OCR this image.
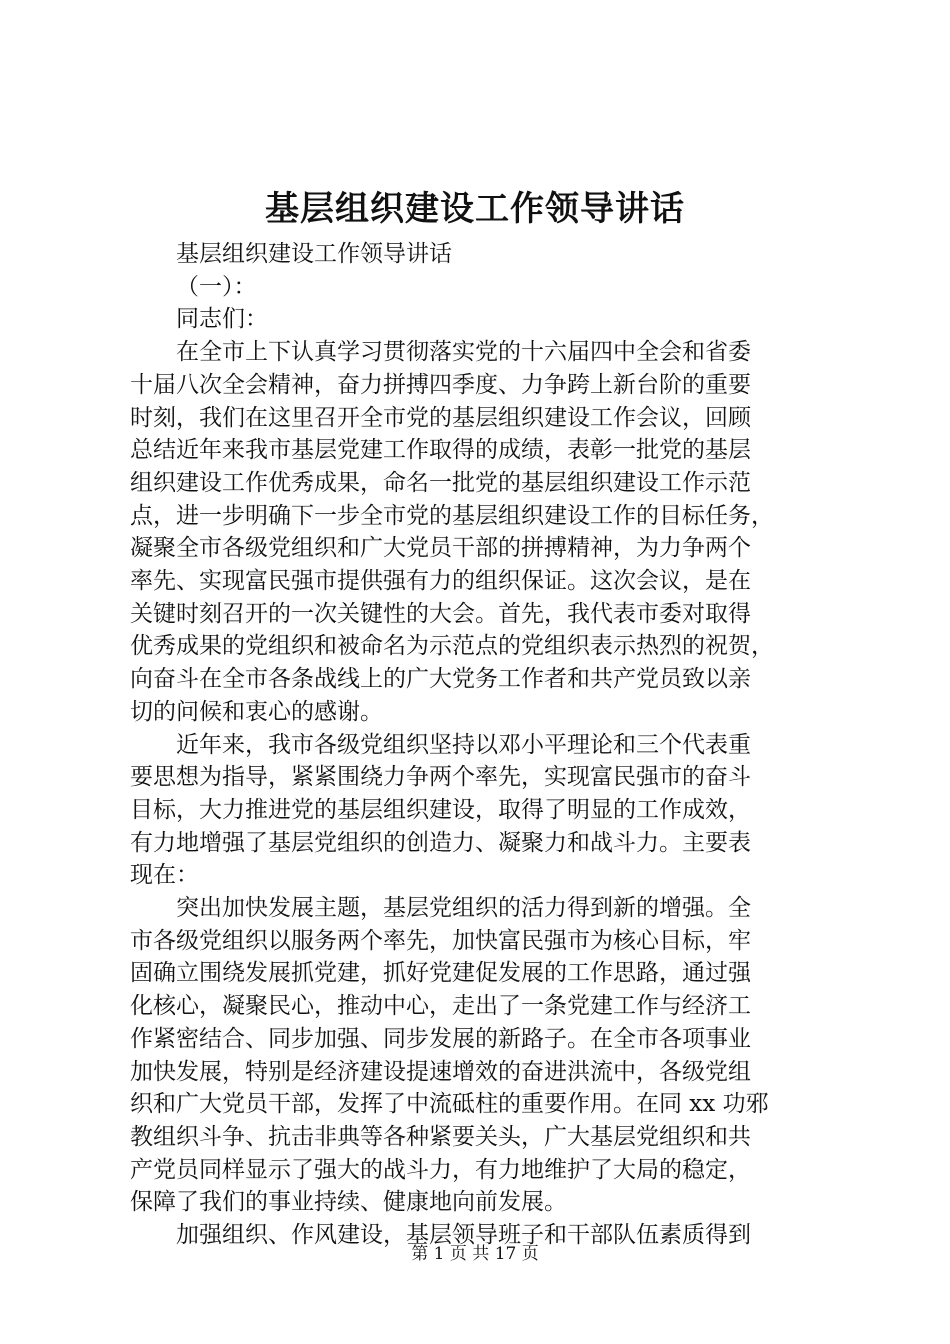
基层组织建设工作领导讲话
基层组织建设工作领导讲话
（一）：
同志们：
在全市上下认真学习贯彻落实党的十六届四中全会和省委
十届八次全会精神，奋力拼搏四季度、力争跨上新台阶的重要
时刻，我们在这里召开全市党的基层组织建设工作会议，回顾
总结近年来我市基层党建工作取得的成绩，表彰一批党的基层
组织建设工作优秀成果，命名一批党的基层组织建设工作示范
点，进一步明确下一步全市党的基层组织建设工作的目标任务，
凝聚全市各级党组织和广大党员干部的拼搏精神，为力争两个
率先、实现富民强市提供强有力的组织保证。这次会议，是在
关键时刻召开的一次关键性的大会。首先，我代表市委对取得
优秀成果的党组织和被命名为示范点的党组织表示热烈的祝贺，
向奋斗在全市各条战线上的广大党务工作者和共产党员致以亲
切的问候和衷心的感谢。
近年来，我市各级党组织坚持以邓小平理论和三个代表重
要思想为指导，紧紧围绕力争两个率先，实现富民强市的奋斗
目标，大力推进党的基层组织建设，取得了明显的工作成效，
有力地增强了基层党组织的创造力、凝聚力和战斗力。主要表
现在：
突出加快发展主题，基层党组织的活力得到新的增强。全
市各级党组织以服务两个率先，加快富民强市为核心目标，牢
固确立围绕发展抓党建，抓好党建促发展的工作思路，通过强
化核心，凝聚民心，推动中心，走出了一条党建工作与经济工
作紧密结合、同步加强、同步发展的新路子。在全市各项事业
加快发展，特别是经济建设提速增效的奋进洪流中，各级党组
织和广大党员干部，发挥了中流砥柱的重要作用。在同 xx 功邪
教组织斗争、抗击非典等各种紧要关头，广大基层党组织和共
产党员同样显示了强大的战斗力，有力地维护了大局的稳定，
保障了我们的事业持续、健康地向前发展。
加强组织、作风建设，基层领导班子和干部队伍素质得到
第 1 页 共 17 页
